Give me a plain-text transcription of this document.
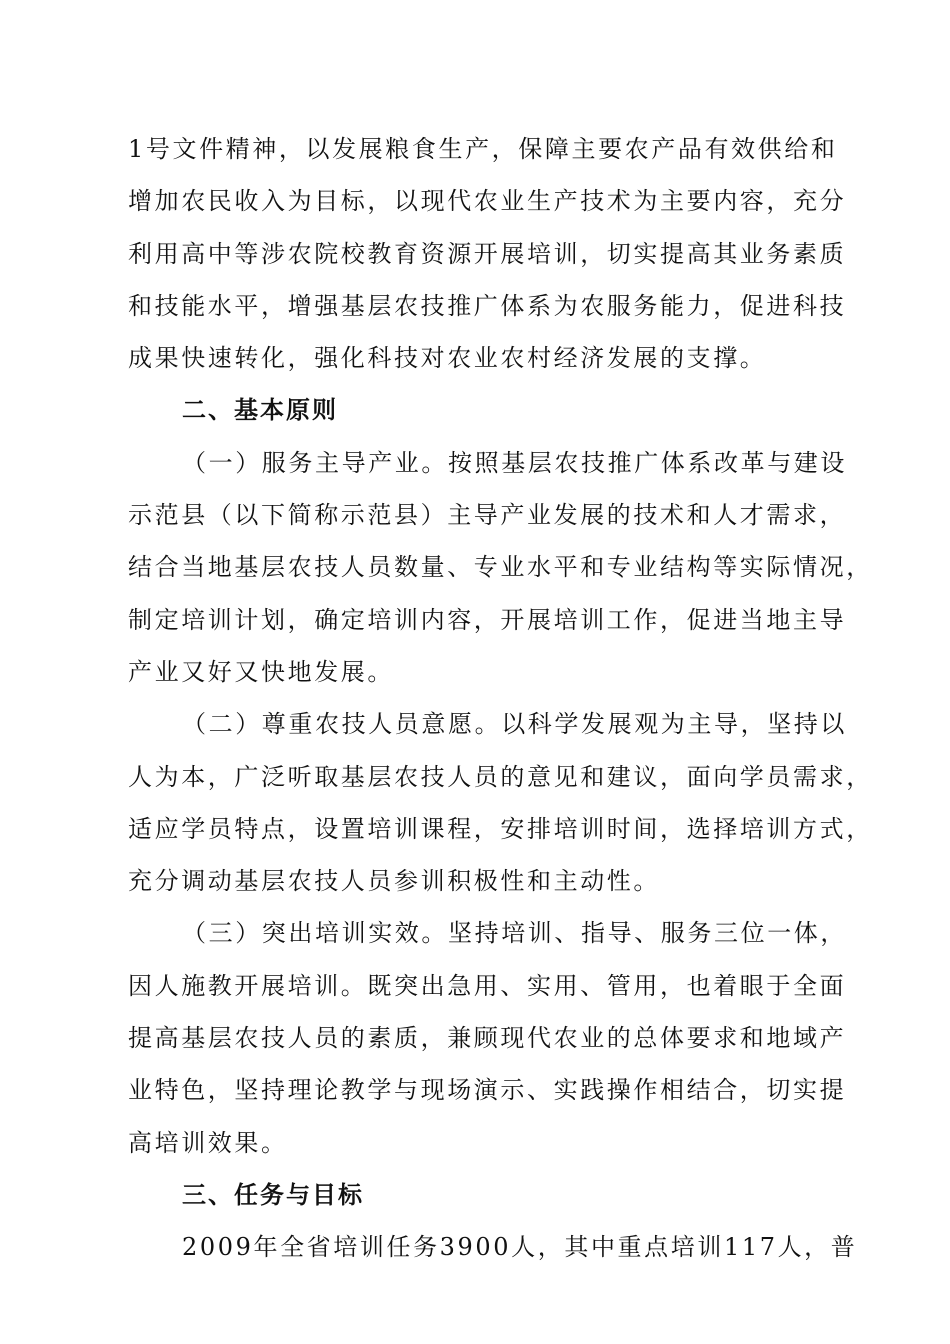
1号文件精神，以发展粮食生产，保障主要农产品有效供给和
增加农民收入为目标，以现代农业生产技术为主要内容，充分
利用高中等涉农院校教育资源开展培训，切实提高其业务素质
和技能水平，增强基层农技推广体系为农服务能力，促进科技
成果快速转化，强化科技对农业农村经济发展的支撑。
二、基本原则
（一）服务主导产业。按照基层农技推广体系改革与建设
示范县（以下简称示范县）主导产业发展的技术和人才需求，
结合当地基层农技人员数量、专业水平和专业结构等实际情况，
制定培训计划，确定培训内容，开展培训工作，促进当地主导
产业又好又快地发展。
（二）尊重农技人员意愿。以科学发展观为主导，坚持以
人为本，广泛听取基层农技人员的意见和建议，面向学员需求，
适应学员特点，设置培训课程，安排培训时间，选择培训方式，
充分调动基层农技人员参训积极性和主动性。
（三）突出培训实效。坚持培训、指导、服务三位一体，
因人施教开展培训。既突出急用、实用、管用，也着眼于全面
提高基层农技人员的素质，兼顾现代农业的总体要求和地域产
业特色，坚持理论教学与现场演示、实践操作相结合，切实提
高培训效果。
三、任务与目标
2009年全省培训任务3900人，其中重点培训117人，普
